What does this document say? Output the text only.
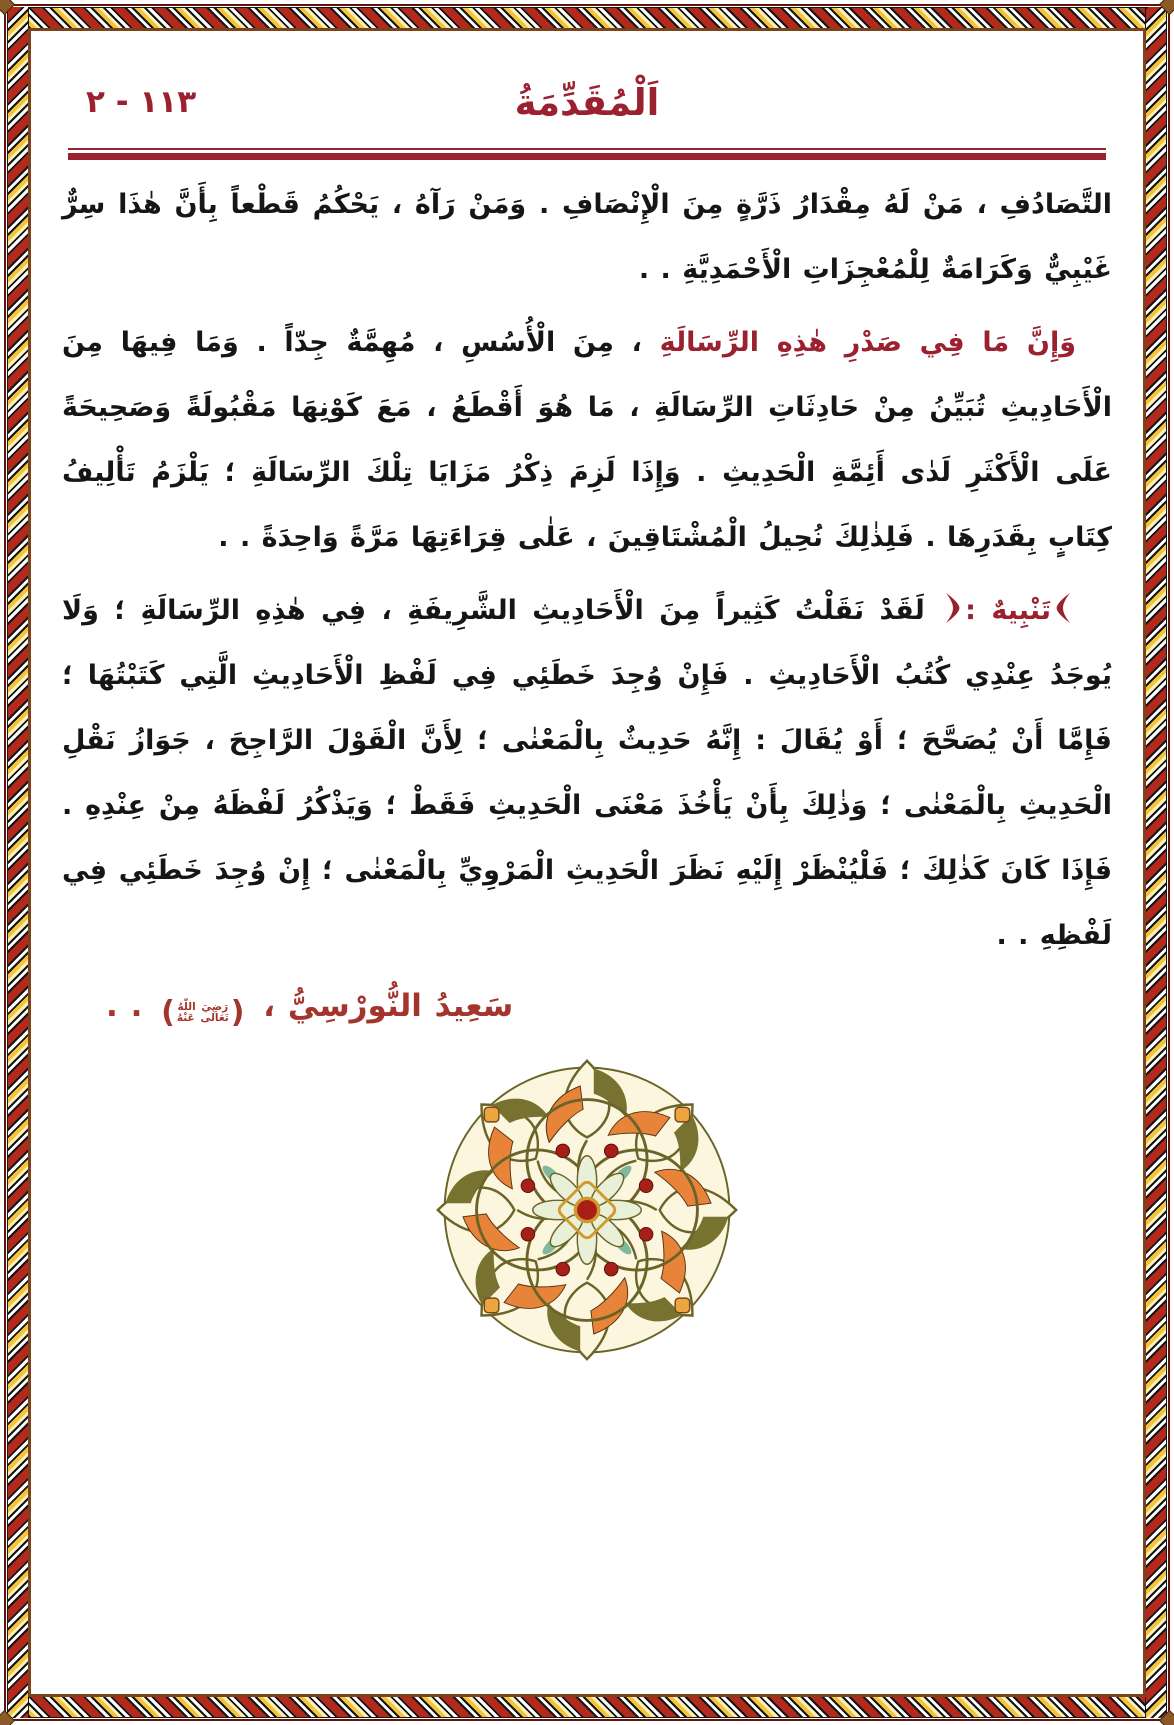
١١٣ - ٢	اَلْمُقَدِّمَةُ

التَّصَادُفِ ، مَنْ لَهُ مِقْدَارُ ذَرَّةٍ مِنَ الْإِنْصَافِ . وَمَنْ رَآهُ ، يَحْكُمُ قَطْعاً بِأَنَّ هٰذَا سِرٌّ غَيْبِيٌّ وَكَرَامَةٌ لِلْمُعْجِزَاتِ الْأَحْمَدِيَّةِ . .

وَإِنَّ مَا فِي صَدْرِ هٰذِهِ الرِّسَالَةِ ، مِنَ الْأُسُسِ ، مُهِمَّةٌ جِدّاً . وَمَا فِيهَا مِنَ الْأَحَادِيثِ تُبَيِّنُ مِنْ حَادِثَاتِ الرِّسَالَةِ ، مَا هُوَ أَقْطَعُ ، مَعَ كَوْنِهَا مَقْبُولَةً وَصَحِيحَةً عَلَى الْأَكْثَرِ لَدٰى أَئِمَّةِ الْحَدِيثِ . وَإِذَا لَزِمَ ذِكْرُ مَزَايَا تِلْكَ الرِّسَالَةِ ؛ يَلْزَمُ تَأْلِيفُ كِتَابٍ بِقَدَرِهَا . فَلِذٰلِكَ نُحِيلُ الْمُشْتَاقِينَ ، عَلٰى قِرَاءَتِهَا مَرَّةً وَاحِدَةً . .

تَنْبِيهٌ : لَقَدْ نَقَلْتُ كَثِيراً مِنَ الْأَحَادِيثِ الشَّرِيفَةِ ، فِي هٰذِهِ الرِّسَالَةِ ؛ وَلَا يُوجَدُ عِنْدِي كُتُبُ الْأَحَادِيثِ . فَإِنْ وُجِدَ خَطَئِي فِي لَفْظِ الْأَحَادِيثِ الَّتِي كَتَبْتُهَا ؛ فَإِمَّا أَنْ يُصَحَّحَ ؛ أَوْ يُقَالَ : إِنَّهُ حَدِيثٌ بِالْمَعْنٰى ؛ لِأَنَّ الْقَوْلَ الرَّاجِحَ ، جَوَازُ نَقْلِ الْحَدِيثِ بِالْمَعْنٰى ؛ وَذٰلِكَ بِأَنْ يَأْخُذَ مَعْنَى الْحَدِيثِ فَقَطْ ؛ وَيَذْكُرُ لَفْظَهُ مِنْ عِنْدِهِ . فَإِذَا كَانَ كَذٰلِكَ ؛ فَلْيُنْظَرْ إِلَيْهِ نَظَرَ الْحَدِيثِ الْمَرْوِيِّ بِالْمَعْنٰى ؛ إِنْ وُجِدَ خَطَئِي فِي لَفْظِهِ . .

سَعِيدُ النُّورْسِيُّ ،
( رَضِيَ اللّٰهُ
تَعَالٰى عَنْهُ )
. .
